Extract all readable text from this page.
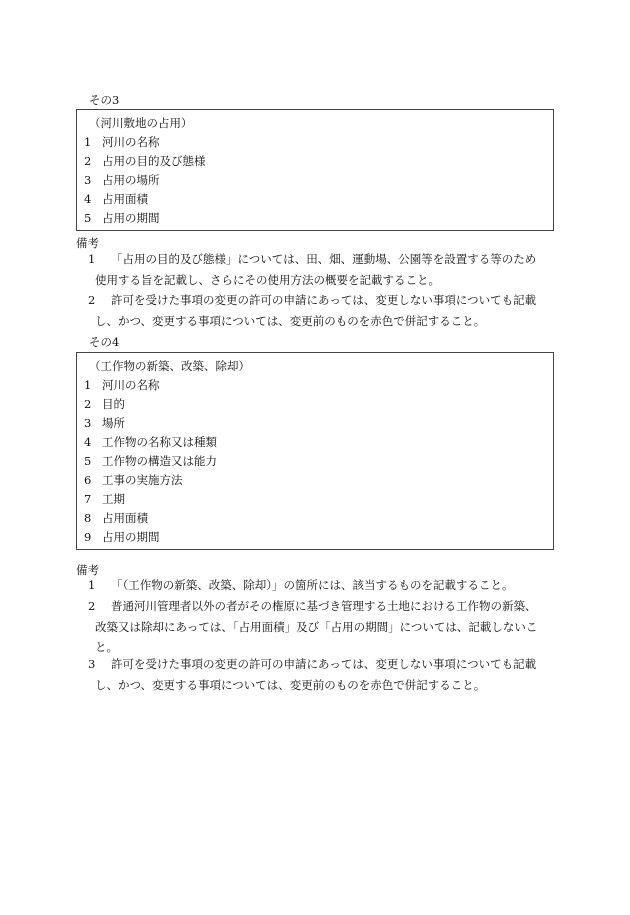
その3
（河川敷地の占用）
1 河川の名称
2 占用の目的及び態様
3 占用の場所
4 占用面積
5 占用の期間
備考
1 「占用の目的及び態様」については、田、畑、運動場、公園等を設置する等のため
使用する旨を記載し、さらにその使用方法の概要を記載すること。
2 許可を受けた事項の変更の許可の申請にあっては、変更しない事項についても記載
し、かつ、変更する事項については、変更前のものを赤色で併記すること。
その4
（工作物の新築、改築、除却）
1 河川の名称
2 目的
3 場所
4 工作物の名称又は種類
5 工作物の構造又は能力
6 工事の実施方法
7 工期
8 占用面積
9 占用の期間
備考
1 「（工作物の新築、改築、除却）」の箇所には、該当するものを記載すること。
2 普通河川管理者以外の者がその権原に基づき管理する土地における工作物の新築、
改築又は除却にあっては、「占用面積」及び「占用の期間」については、記載しないこ
と。
3 許可を受けた事項の変更の許可の申請にあっては、変更しない事項についても記載
し、かつ、変更する事項については、変更前のものを赤色で併記すること。
